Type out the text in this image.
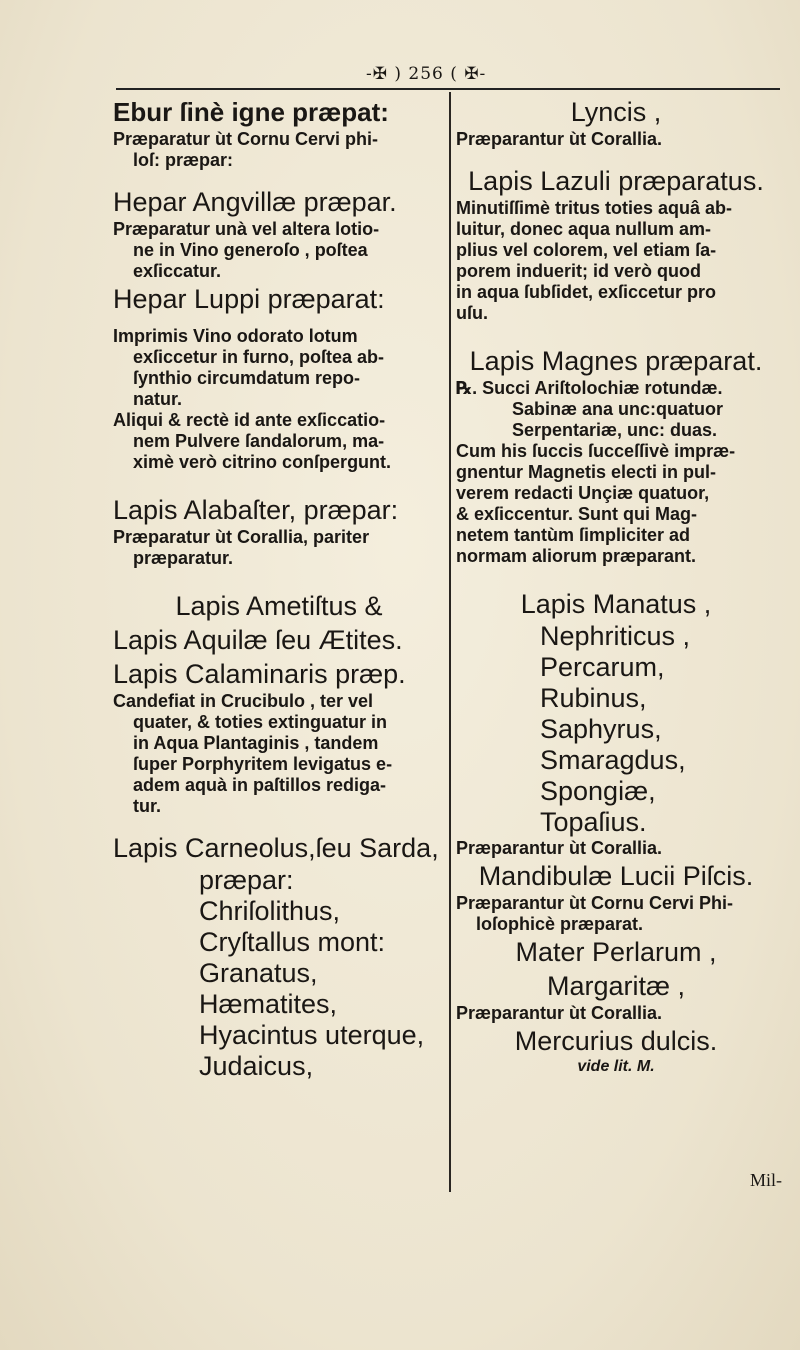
-✠ ) 256 ( ✠-
Ebur ſinè igne præpat:
Præparatur ùt Cornu Cervi phi-
loſ: præpar:
Hepar Angvillæ præpar.
Præparatur unà vel altera lotio-
ne in Vino generoſo , poſtea
exſiccatur.
Hepar Luppi præparat:
Imprimis Vino odorato lotum
exſiccetur in furno, poſtea ab-
ſynthio circumdatum repo-
natur.
Aliqui & rectè id ante exſiccatio-
nem Pulvere ſandalorum, ma-
ximè verò citrino conſpergunt.
Lapis Alabaſter, præpar:
Præparatur ùt Corallia, pariter
præparatur.
Lapis Ametiſtus &
Lapis Aquilæ ſeu Ætites.
Lapis Calaminaris præp.
Candefiat in Crucibulo , ter vel
quater, & toties extinguatur in
in Aqua Plantaginis , tandem
ſuper Porphyritem levigatus e-
adem aquà in paſtillos rediga-
tur.
Lapis Carneolus,ſeu Sarda,
præpar:
Chriſolithus,
Cryſtallus mont:
Granatus,
Hæmatites,
Hyacintus uterque,
Judaicus,
Lyncis ,
Præparantur ùt Corallia.
Lapis Lazuli præparatus.
Minutiſſimè tritus toties aquâ ab-
luitur, donec aqua nullum am-
plius vel colorem, vel etiam ſa-
porem induerit; id verò quod
in aqua ſubſidet, exſiccetur pro
uſu.
Lapis Magnes præparat.
℞. Succi Ariſtolochiæ rotundæ.
Sabinæ ana unc:quatuor
Serpentariæ, unc: duas.
Cum his ſuccis ſucceſſivè impræ-
gnentur Magnetis electi in pul-
verem redacti Unçiæ quatuor,
& exſiccentur. Sunt qui Mag-
netem tantùm ſimpliciter ad
normam aliorum præparant.
Lapis Manatus ,
Nephriticus ,
Percarum,
Rubinus,
Saphyrus,
Smaragdus,
Spongiæ,
Topaſius.
Præparantur ùt Corallia.
Mandibulæ Lucii Piſcis.
Præparantur ùt Cornu Cervi Phi-
loſophicè præparat.
Mater Perlarum ,
Margaritæ ,
Præparantur ùt Corallia.
Mercurius dulcis.
vide lit. M.
Mil-
